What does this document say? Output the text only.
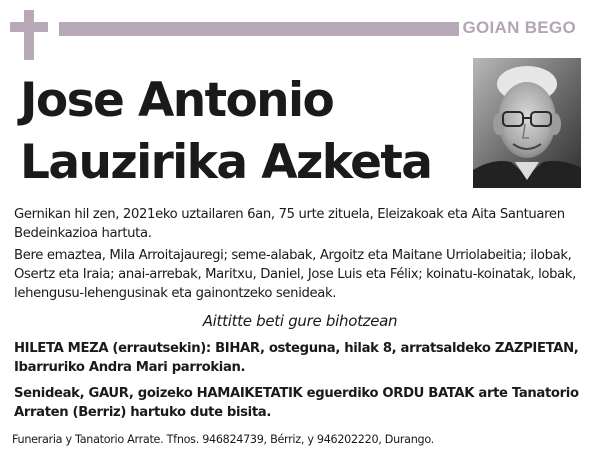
GOIAN BEGO
Jose Antonio
Lauzirika Azketa
Gernikan hil zen, 2021eko uztailaren 6an, 75 urte zituela, Eleizakoak eta Aita Santuaren Bedeinkazioa hartuta.
Bere emaztea, Mila Arroitajauregi; seme-alabak, Argoitz eta Maitane Urriolabeitia; ilobak, Osertz eta Iraia; anai-arrebak, Maritxu, Daniel, Jose Luis eta Félix; koinatu-koinatak, lobak, lehengusu-lehengusinak eta gainontzeko senideak.
Aittitte beti gure bihotzean
HILETA MEZA (errautsekin): BIHAR, osteguna, hilak 8, arratsaldeko ZAZPIETAN, Ibarruriko Andra Mari parrokian.
Senideak, GAUR, goizeko HAMAIKETATIK eguerdiko ORDU BATAK arte Tanatorio Arraten (Berriz) hartuko dute bisita.
Funeraria y Tanatorio Arrate. Tfnos. 946824739, Bérriz, y 946202220, Durango.
